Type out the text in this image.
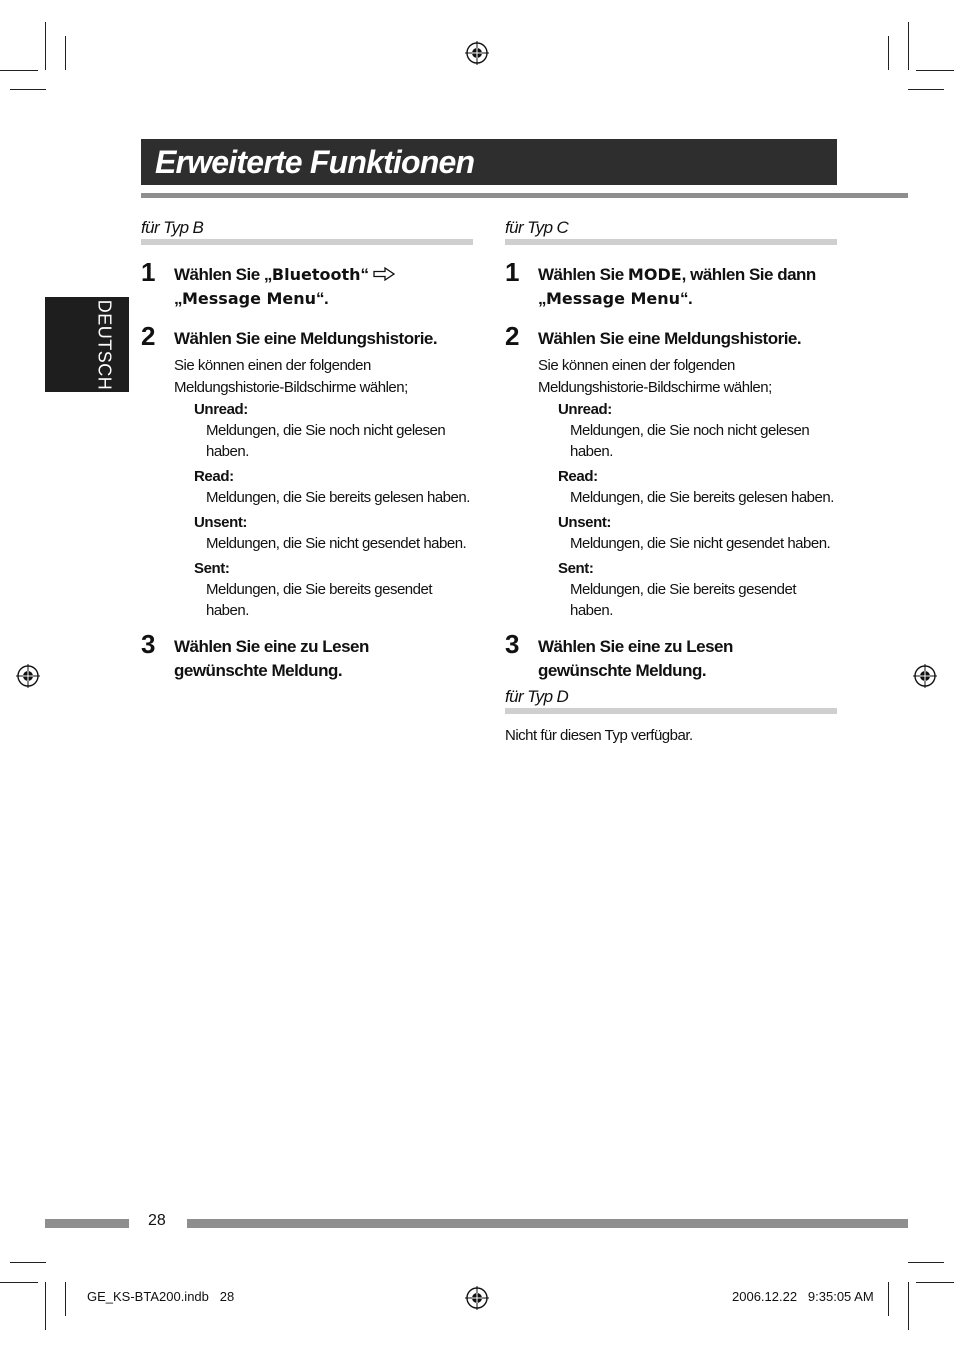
Erweiterte Funktionen
DEUTSCH
für Typ B
1 Wählen Sie „Bluetooth“
„Message Menu“.
2 Wählen Sie eine Meldungshistorie.
Sie können einen der folgenden Meldungshistorie-Bildschirme wählen;
Unread:
Meldungen, die Sie noch nicht gelesen haben.
Read:
Meldungen, die Sie bereits gelesen haben.
Unsent:
Meldungen, die Sie nicht gesendet haben.
Sent:
Meldungen, die Sie bereits gesendet haben.
3 Wählen Sie eine zu Lesen gewünschte Meldung.
für Typ C
1 Wählen Sie MODE, wählen Sie dann „Message Menu“.
2 Wählen Sie eine Meldungshistorie.
Sie können einen der folgenden Meldungshistorie-Bildschirme wählen;
Unread:
Meldungen, die Sie noch nicht gelesen haben.
Read:
Meldungen, die Sie bereits gelesen haben.
Unsent:
Meldungen, die Sie nicht gesendet haben.
Sent:
Meldungen, die Sie bereits gesendet haben.
3 Wählen Sie eine zu Lesen gewünschte Meldung.
für Typ D
Nicht für diesen Typ verfügbar.
28
GE_KS-BTA200.indb   28	2006.12.22   9:35:05 AM
